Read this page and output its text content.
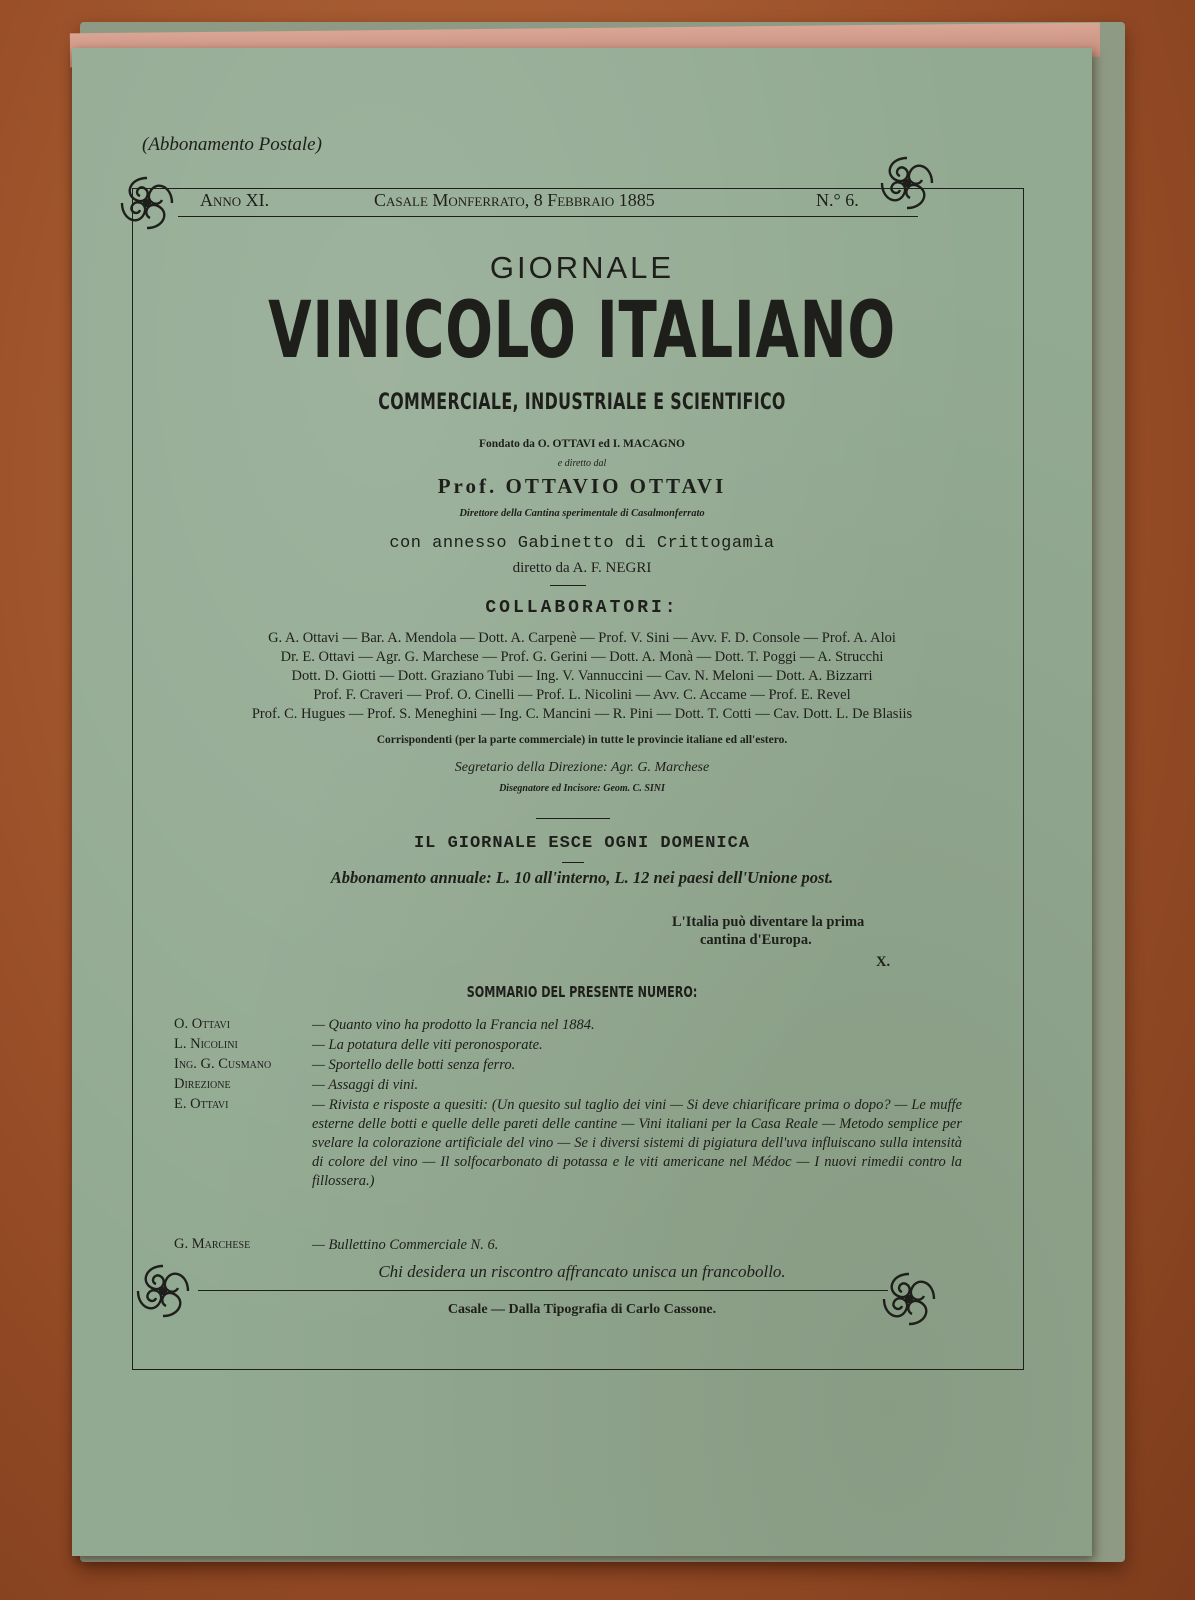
(Abbonamento Postale)
Anno XI.	Casale Monferrato, 8 Febbraio 1885	N.° 6.
GIORNALE
VINICOLO ITALIANO
COMMERCIALE, INDUSTRIALE E SCIENTIFICO
Fondato da O. OTTAVI ed I. MACAGNO
e diretto dal
Prof. OTTAVIO OTTAVI
Direttore della Cantina sperimentale di Casalmonferrato
con annesso Gabinetto di Crittogamìa
diretto da A. F. NEGRI
COLLABORATORI:
G. A. Ottavi — Bar. A. Mendola — Dott. A. Carpenè — Prof. V. Sini — Avv. F. D. Console — Prof. A. Aloi
Dr. E. Ottavi — Agr. G. Marchese — Prof. G. Gerini — Dott. A. Monà — Dott. T. Poggi — A. Strucchi
Dott. D. Giotti — Dott. Graziano Tubi — Ing. V. Vannuccini — Cav. N. Meloni — Dott. A. Bizzarri
Prof. F. Craveri — Prof. O. Cinelli — Prof. L. Nicolini — Avv. C. Accame — Prof. E. Revel
Prof. C. Hugues — Prof. S. Meneghini — Ing. C. Mancini — R. Pini — Dott. T. Cotti — Cav. Dott. L. De Blasiis
Corrispondenti (per la parte commerciale) in tutte le provincie italiane ed all'estero.
Segretario della Direzione: Agr. G. Marchese
Disegnatore ed Incisore: Geom. C. SINI
IL GIORNALE ESCE OGNI DOMENICA
Abbonamento annuale: L. 10 all'interno, L. 12 nei paesi dell'Unione post.
L'Italia può diventare la prima
cantina d'Europa.
X.
SOMMARIO DEL PRESENTE NUMERO:
O. Ottavi	— Quanto vino ha prodotto la Francia nel 1884.
L. Nicolini	— La potatura delle viti peronosporate.
Ing. G. Cusmano	— Sportello delle botti senza ferro.
Direzione	— Assaggi di vini.
E. Ottavi	— Rivista e risposte a quesiti: (Un quesito sul taglio dei vini — Si deve chiarificare prima o dopo? — Le muffe esterne delle botti e quelle delle pareti delle cantine — Vini italiani per la Casa Reale — Metodo semplice per svelare la colorazione artificiale del vino — Se i diversi sistemi di pigiatura dell'uva influiscano sulla intensità di colore del vino — Il solfocarbonato di potassa e le viti americane nel Médoc — I nuovi rimedii contro la fillossera.)
G. Marchese	— Bullettino Commerciale N. 6.
Chi desidera un riscontro affrancato unisca un francobollo.
Casale — Dalla Tipografia di Carlo Cassone.
